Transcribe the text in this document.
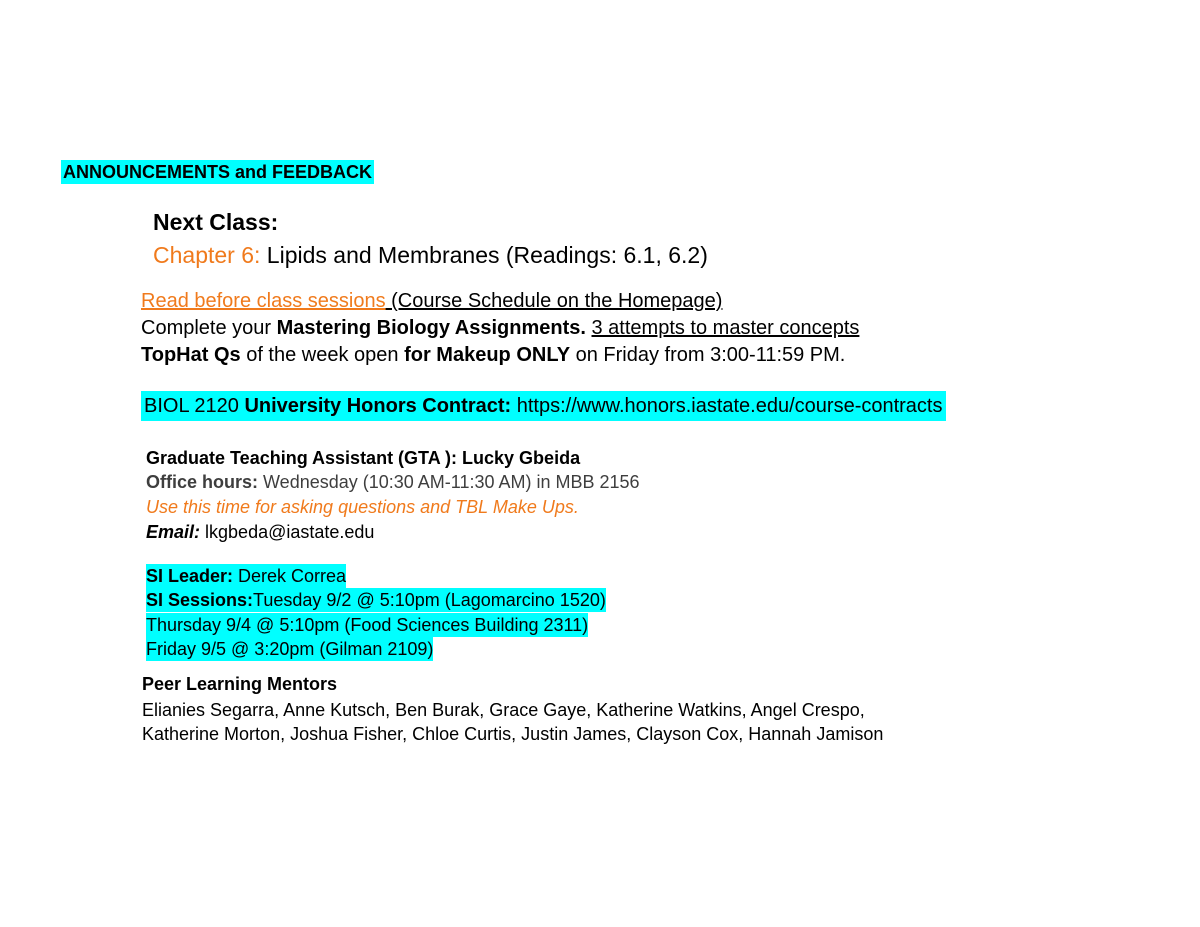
ANNOUNCEMENTS and FEEDBACK
Next Class:
Chapter 6: Lipids and Membranes (Readings: 6.1, 6.2)
Read before class sessions (Course Schedule on the Homepage)
Complete your Mastering Biology Assignments. 3 attempts to master concepts
TopHat Qs of the week open for Makeup ONLY on Friday from 3:00-11:59 PM.
BIOL 2120 University Honors Contract: https://www.honors.iastate.edu/course-contracts
Graduate Teaching Assistant (GTA ): Lucky Gbeida
Office hours: Wednesday (10:30 AM-11:30 AM) in MBB 2156
Use this time for asking questions and TBL Make Ups.
Email: lkgbeda@iastate.edu
SI Leader: Derek Correa
SI Sessions:Tuesday 9/2 @ 5:10pm (Lagomarcino 1520)
Thursday 9/4 @ 5:10pm (Food Sciences Building 2311)
Friday 9/5 @ 3:20pm (Gilman 2109)
Peer Learning Mentors
Elianies Segarra, Anne Kutsch, Ben Burak, Grace Gaye, Katherine Watkins, Angel Crespo,
Katherine Morton, Joshua Fisher, Chloe Curtis, Justin James, Clayson Cox, Hannah Jamison
